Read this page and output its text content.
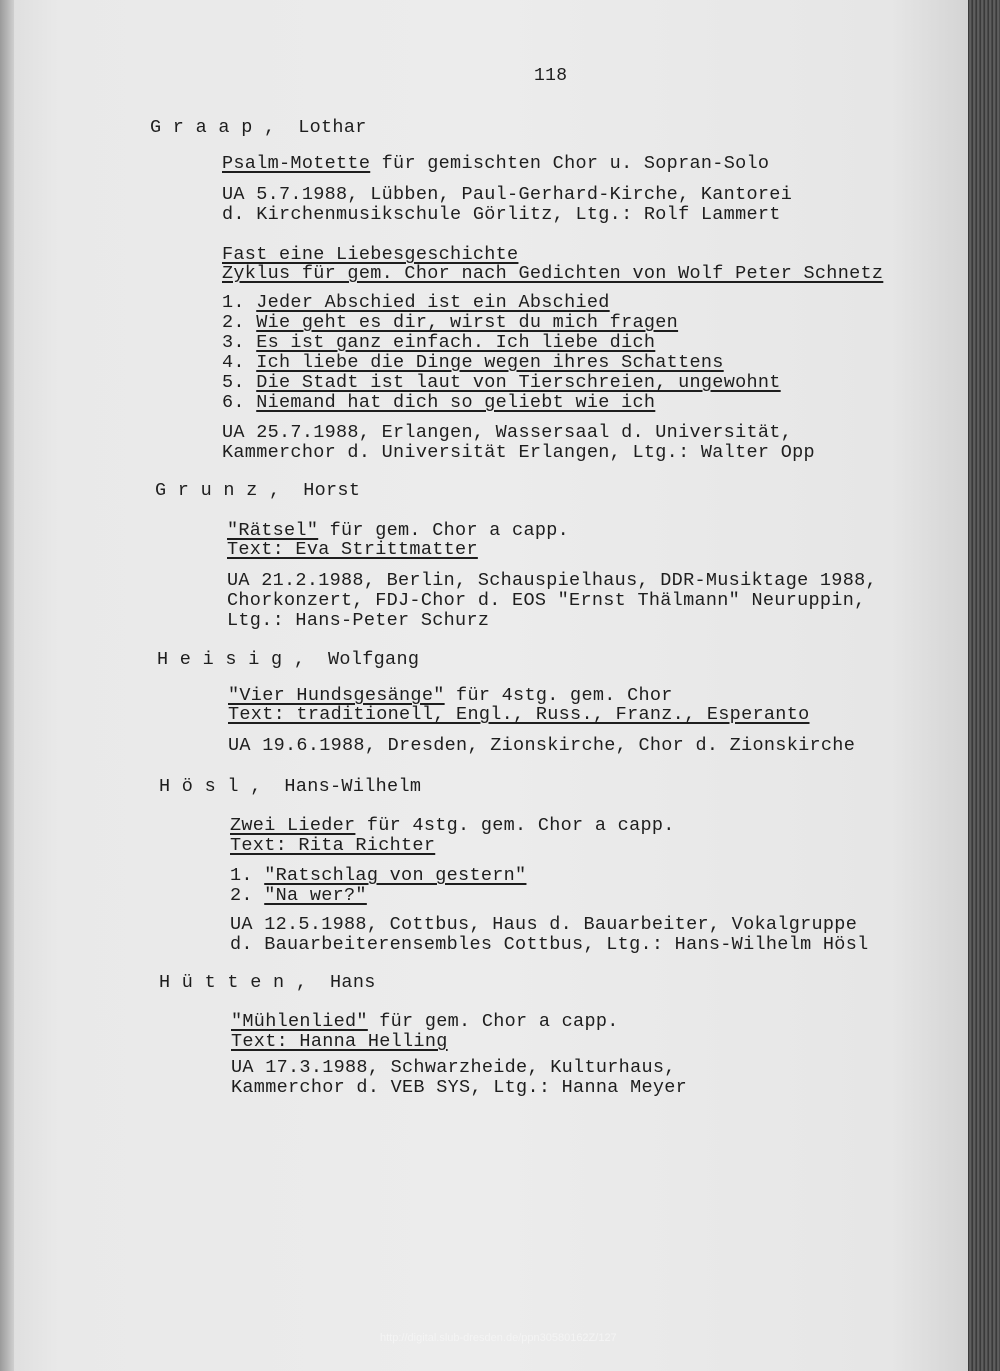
118
G r a a p ,  Lothar
Psalm-Motette für gemischten Chor u. Sopran-Solo
UA 5.7.1988, Lübben, Paul-Gerhard-Kirche, Kantorei
d. Kirchenmusikschule Görlitz, Ltg.: Rolf Lammert
Fast eine Liebesgeschichte
Zyklus für gem. Chor nach Gedichten von Wolf Peter Schnetz
1. Jeder Abschied ist ein Abschied
2. Wie geht es dir, wirst du mich fragen
3. Es ist ganz einfach. Ich liebe dich
4. Ich liebe die Dinge wegen ihres Schattens
5. Die Stadt ist laut von Tierschreien, ungewohnt
6. Niemand hat dich so geliebt wie ich
UA 25.7.1988, Erlangen, Wassersaal d. Universität,
Kammerchor d. Universität Erlangen, Ltg.: Walter Opp
G r u n z ,  Horst
"Rätsel" für gem. Chor a capp.
Text: Eva Strittmatter
UA 21.2.1988, Berlin, Schauspielhaus, DDR-Musiktage 1988,
Chorkonzert, FDJ-Chor d. EOS "Ernst Thälmann" Neuruppin,
Ltg.: Hans-Peter Schurz
H e i s i g ,  Wolfgang
"Vier Hundsgesänge" für 4stg. gem. Chor
Text: traditionell, Engl., Russ., Franz., Esperanto
UA 19.6.1988, Dresden, Zionskirche, Chor d. Zionskirche
H ö s l ,  Hans-Wilhelm
Zwei Lieder für 4stg. gem. Chor a capp.
Text: Rita Richter
1. "Ratschlag von gestern"
2. "Na wer?"
UA 12.5.1988, Cottbus, Haus d. Bauarbeiter, Vokalgruppe
d. Bauarbeiterensembles Cottbus, Ltg.: Hans-Wilhelm Hösl
H ü t t e n ,  Hans
"Mühlenlied" für gem. Chor a capp.
Text: Hanna Helling
UA 17.3.1988, Schwarzheide, Kulturhaus,
Kammerchor d. VEB SYS, Ltg.: Hanna Meyer
http://digital.slub-dresden.de/ppn30580162Z/127
